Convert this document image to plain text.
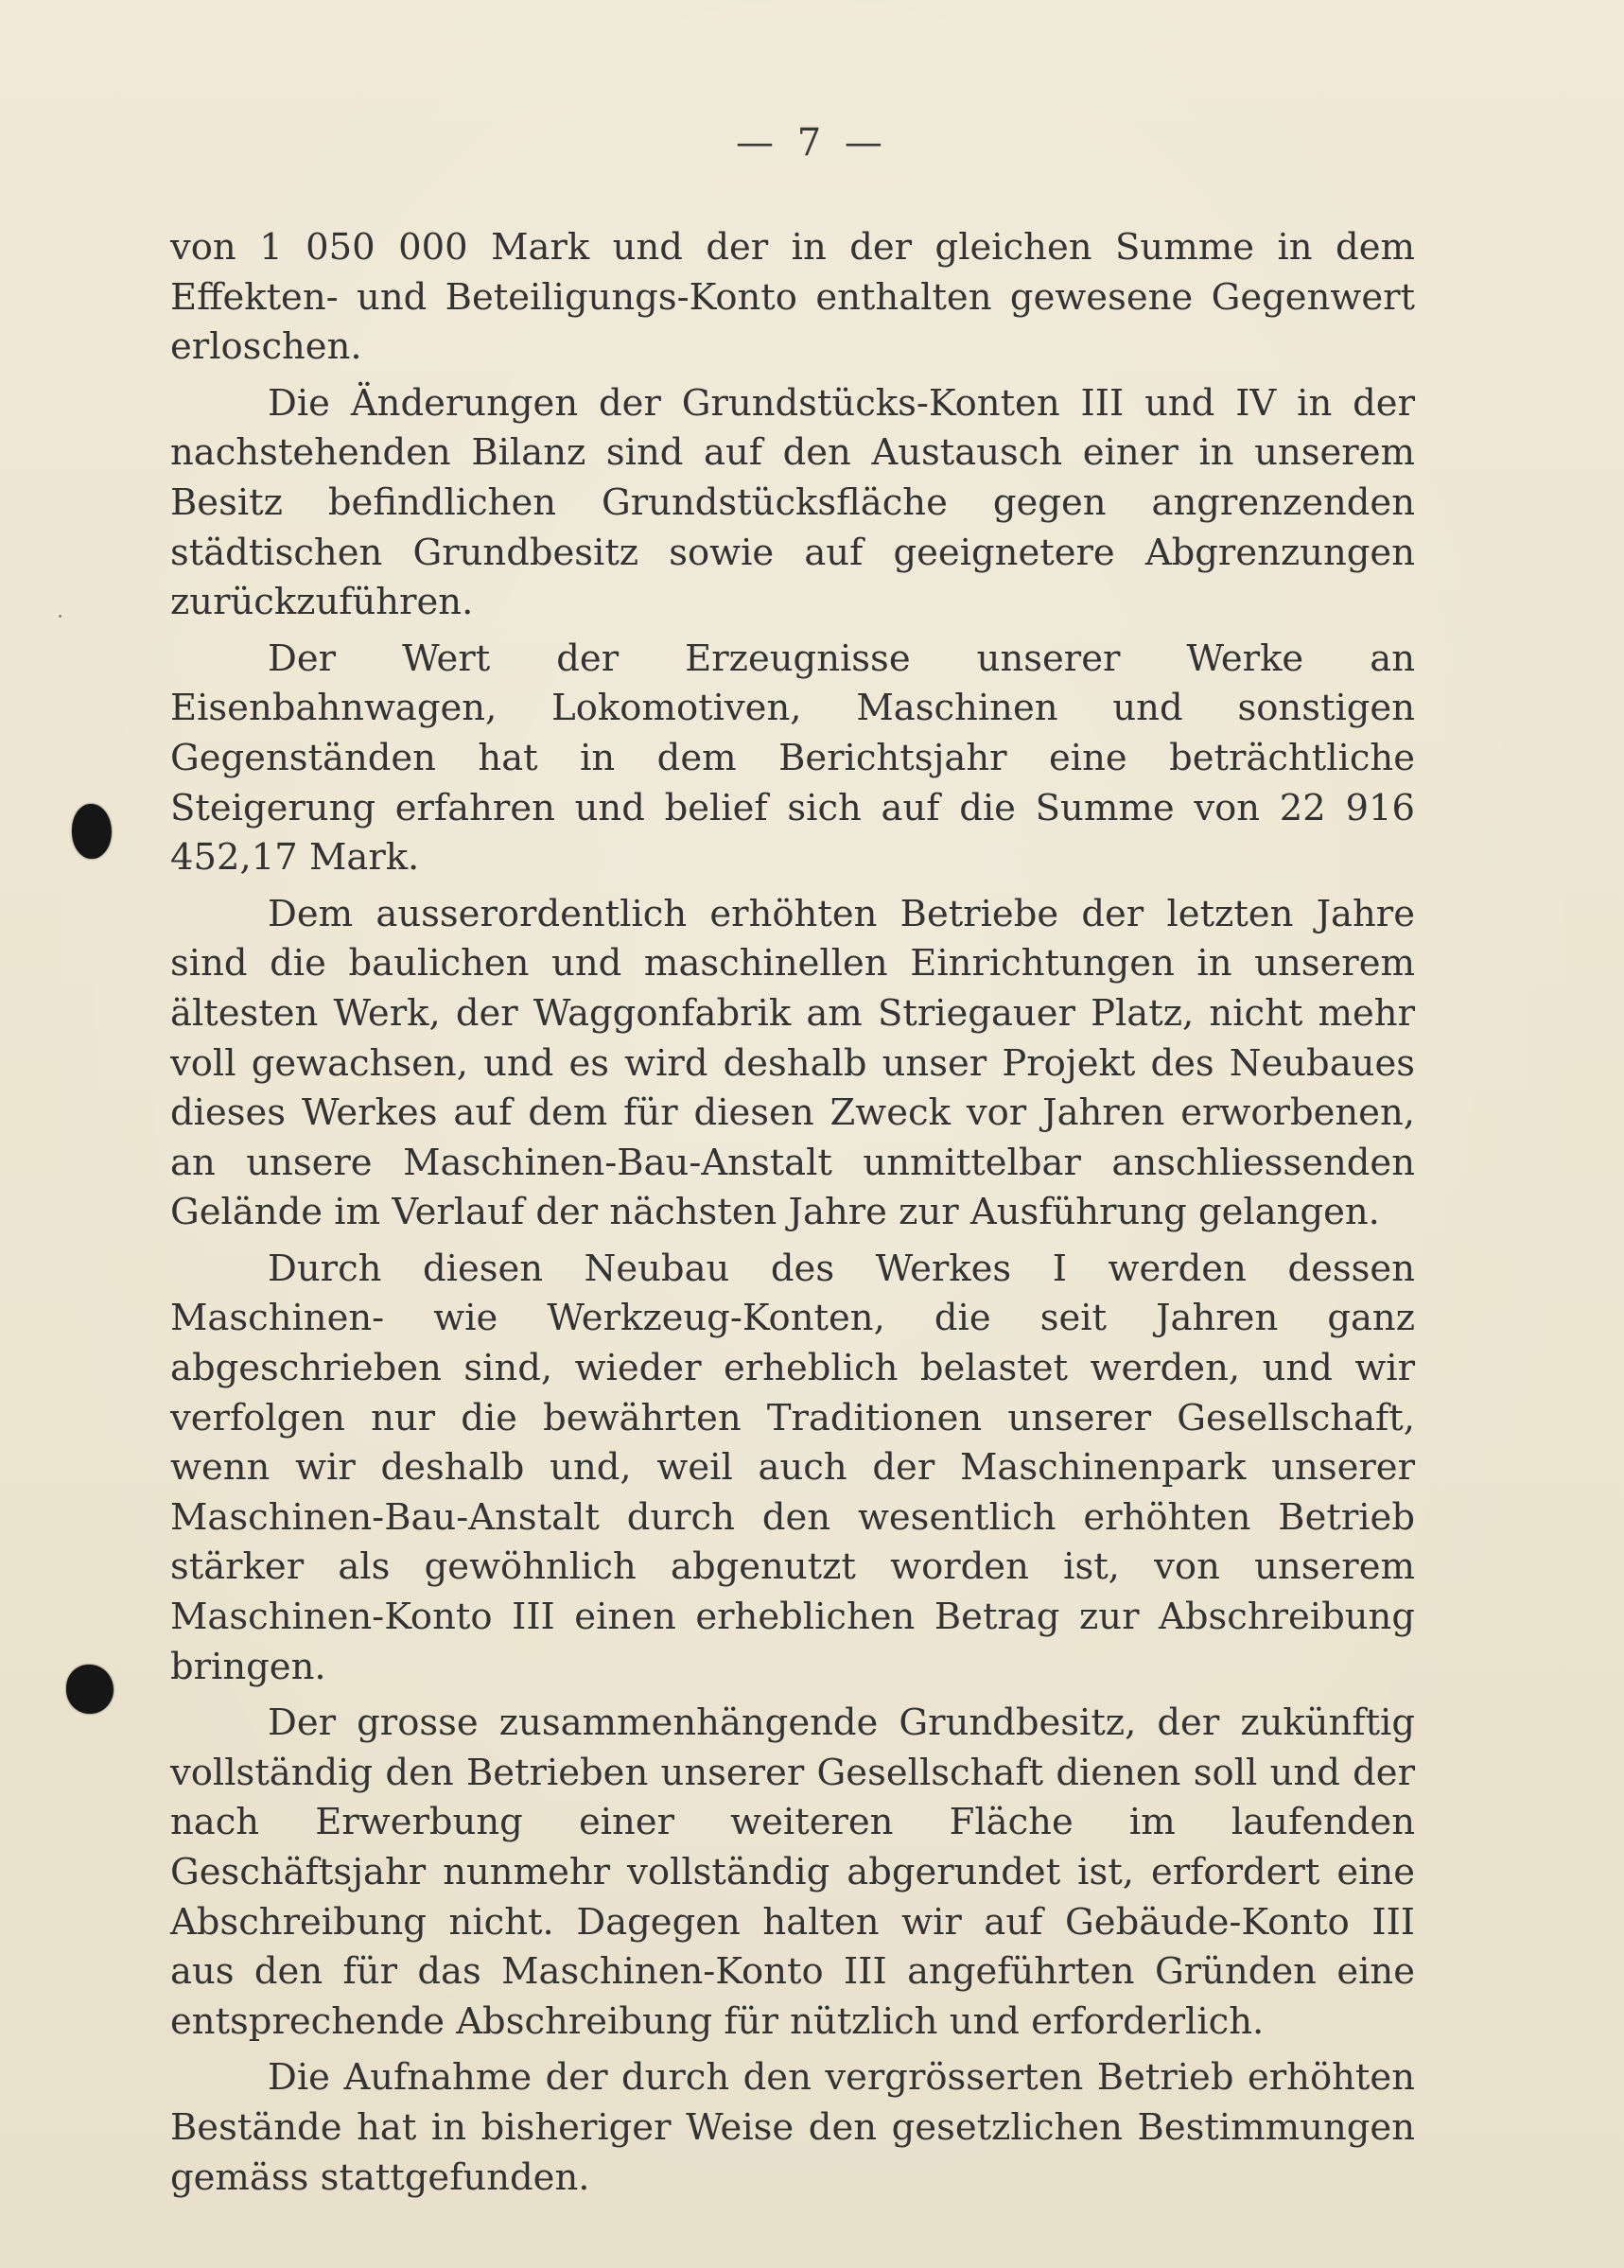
— 7 —

von 1 050 000 Mark und der in der gleichen Summe in dem Effekten- und Beteiligungs-Konto enthalten gewesene Gegenwert erloschen.

Die Änderungen der Grundstücks-Konten III und IV in der nachstehenden Bilanz sind auf den Austausch einer in unserem Besitz befindlichen Grundstücksfläche gegen angrenzenden städtischen Grundbesitz sowie auf geeignetere Abgrenzungen zurückzuführen.

Der Wert der Erzeugnisse unserer Werke an Eisenbahnwagen, Lokomotiven, Maschinen und sonstigen Gegenständen hat in dem Berichtsjahr eine beträchtliche Steigerung erfahren und belief sich auf die Summe von 22 916 452,17 Mark.

Dem ausserordentlich erhöhten Betriebe der letzten Jahre sind die baulichen und maschinellen Einrichtungen in unserem ältesten Werk, der Waggonfabrik am Striegauer Platz, nicht mehr voll gewachsen, und es wird deshalb unser Projekt des Neubaues dieses Werkes auf dem für diesen Zweck vor Jahren erworbenen, an unsere Maschinen-Bau-Anstalt unmittelbar anschliessenden Gelände im Verlauf der nächsten Jahre zur Ausführung gelangen.

Durch diesen Neubau des Werkes I werden dessen Maschinen- wie Werkzeug-Konten, die seit Jahren ganz abgeschrieben sind, wieder erheblich belastet werden, und wir verfolgen nur die bewährten Traditionen unserer Gesellschaft, wenn wir deshalb und, weil auch der Maschinenpark unserer Maschinen-Bau-Anstalt durch den wesentlich erhöhten Betrieb stärker als gewöhnlich abgenutzt worden ist, von unserem Maschinen-Konto III einen erheblichen Betrag zur Abschreibung bringen.

Der grosse zusammenhängende Grundbesitz, der zukünftig vollständig den Betrieben unserer Gesellschaft dienen soll und der nach Erwerbung einer weiteren Fläche im laufenden Geschäftsjahr nunmehr vollständig abgerundet ist, erfordert eine Abschreibung nicht. Dagegen halten wir auf Gebäude-Konto III aus den für das Maschinen-Konto III angeführten Gründen eine entsprechende Abschreibung für nützlich und erforderlich.

Die Aufnahme der durch den vergrösserten Betrieb erhöhten Bestände hat in bisheriger Weise den gesetzlichen Bestimmungen gemäss stattgefunden.
